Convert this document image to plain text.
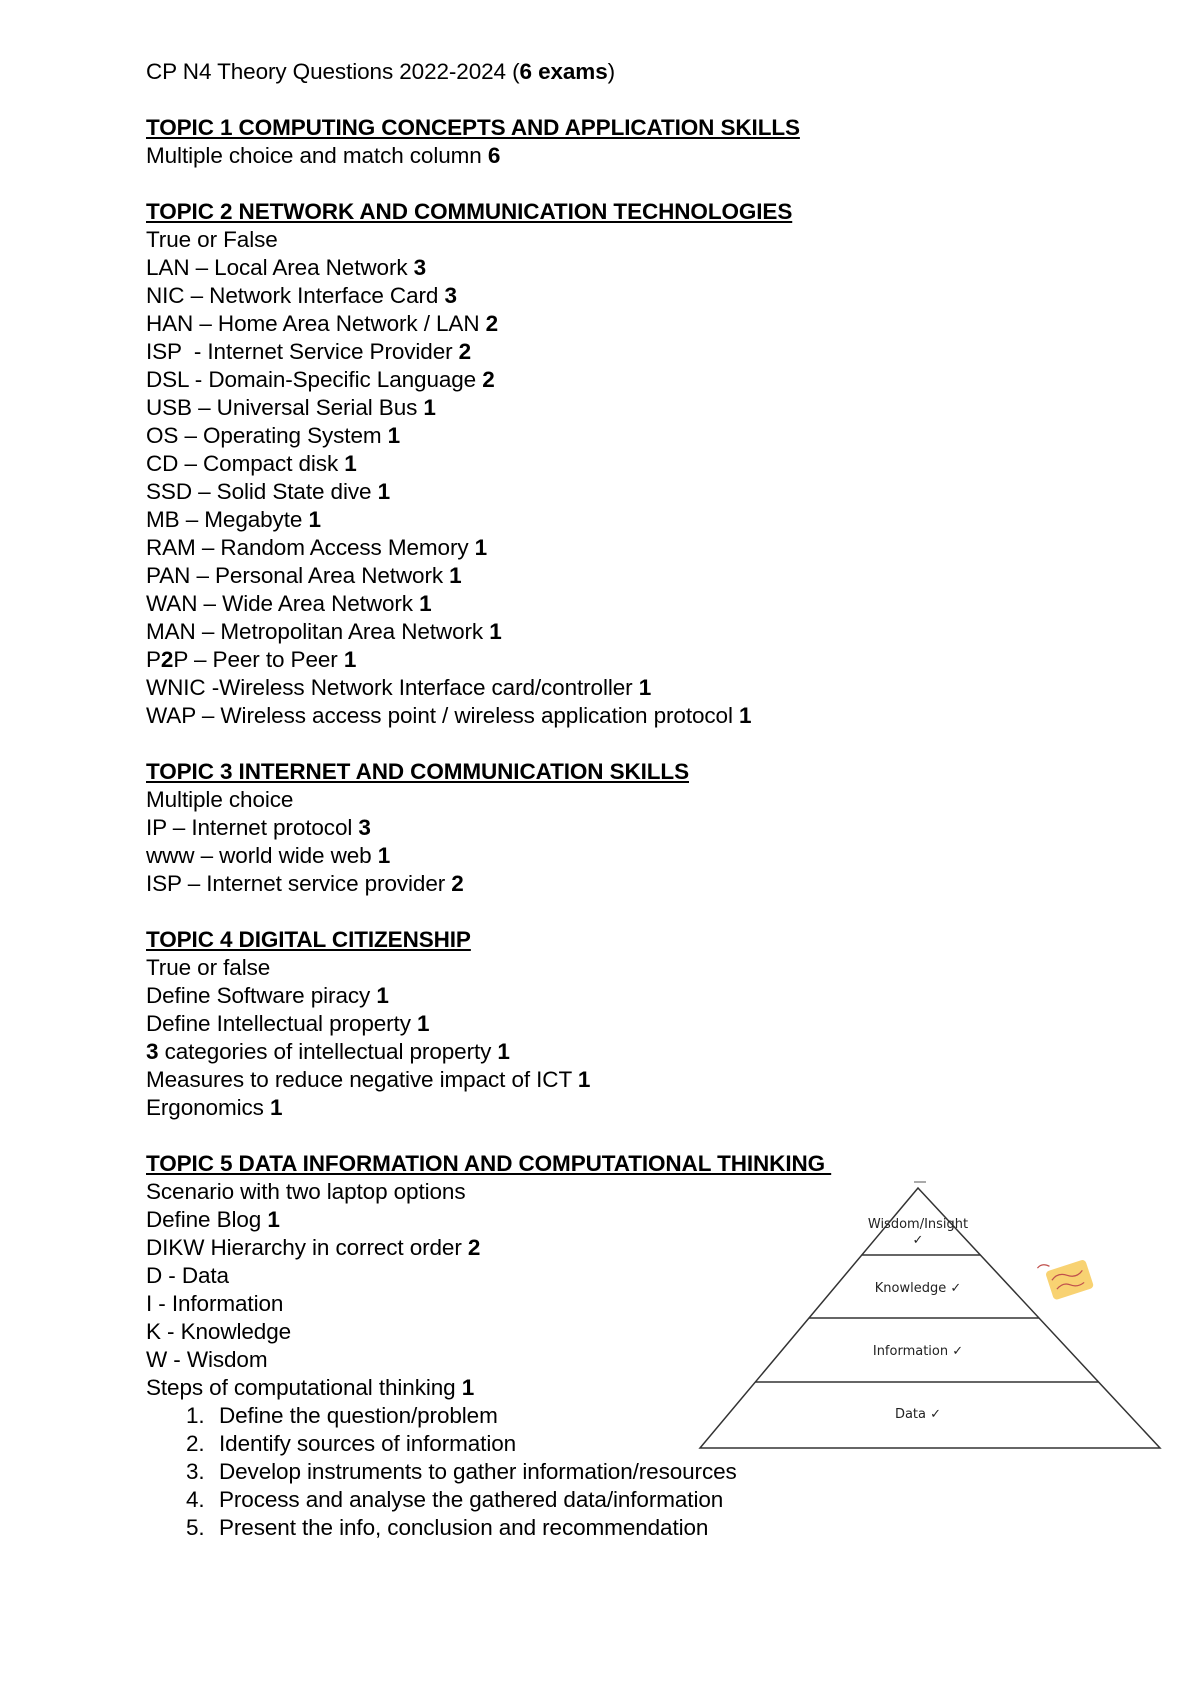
CP N4 Theory Questions 2022-2024 (6 exams)
TOPIC 1 COMPUTING CONCEPTS AND APPLICATION SKILLS
Multiple choice and match column 6
TOPIC 2 NETWORK AND COMMUNICATION TECHNOLOGIES
True or False
LAN – Local Area Network 3
NIC – Network Interface Card 3
HAN – Home Area Network / LAN 2
ISP  - Internet Service Provider 2
DSL - Domain-Specific Language 2
USB – Universal Serial Bus 1
OS – Operating System 1
CD – Compact disk 1
SSD – Solid State dive 1
MB – Megabyte 1
RAM – Random Access Memory 1
PAN – Personal Area Network 1
WAN – Wide Area Network 1
MAN – Metropolitan Area Network 1
P2P – Peer to Peer 1
WNIC -Wireless Network Interface card/controller 1
WAP – Wireless access point / wireless application protocol 1
TOPIC 3 INTERNET AND COMMUNICATION SKILLS
Multiple choice
IP – Internet protocol 3
www – world wide web 1
ISP – Internet service provider 2
TOPIC 4 DIGITAL CITIZENSHIP
True or false
Define Software piracy 1
Define Intellectual property 1
3 categories of intellectual property 1
Measures to reduce negative impact of ICT 1
Ergonomics 1
TOPIC 5 DATA INFORMATION AND COMPUTATIONAL THINKING
Scenario with two laptop options
Define Blog 1
DIKW Hierarchy in correct order 2
D - Data
I - Information
K - Knowledge
W - Wisdom
Steps of computational thinking 1
1. Define the question/problem
2. Identify sources of information
3. Develop instruments to gather information/resources
4. Process and analyse the gathered data/information
5. Present the info, conclusion and recommendation
Wisdom/Insight
✓
Knowledge ✓
Information ✓
Data ✓
